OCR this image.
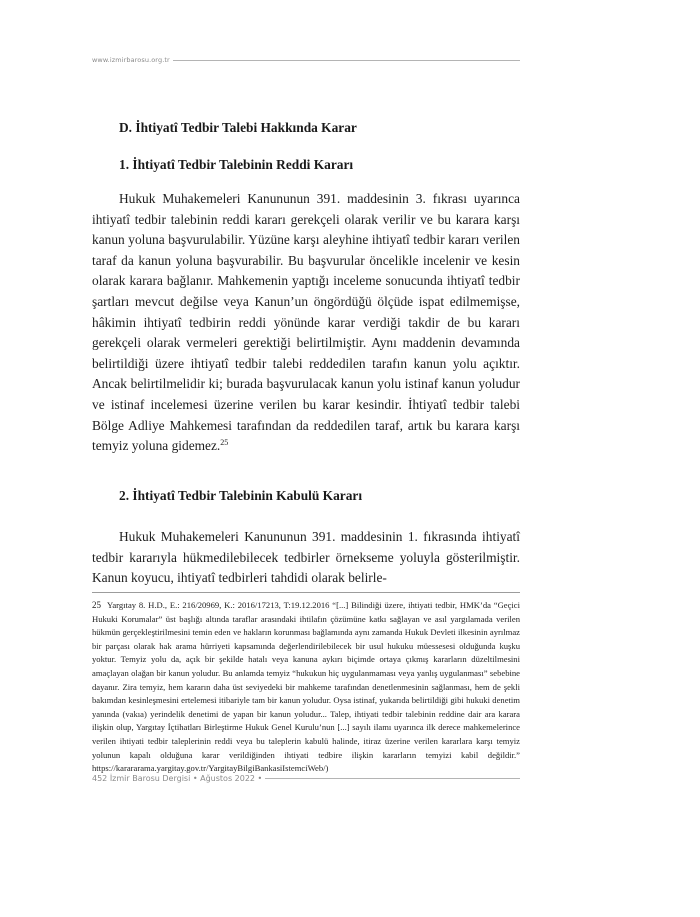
www.izmirbarosu.org.tr
D. İhtiyatî Tedbir Talebi Hakkında Karar
1. İhtiyatî Tedbir Talebinin Reddi Kararı

Hukuk Muhakemeleri Kanununun 391. maddesinin 3. fıkrası uyarınca ihtiyatî tedbir talebinin reddi kararı gerekçeli olarak verilir ve bu karara karşı kanun yoluna başvurulabilir. Yüzüne karşı aleyhine ihtiyatî tedbir kararı verilen taraf da kanun yoluna başvurabilir. Bu başvurular öncelikle incelenir ve kesin olarak karara bağlanır. Mahkemenin yaptığı inceleme sonucunda ihtiyatî tedbir şartları mevcut değilse veya Kanun’un öngördüğü ölçüde ispat edilmemişse, hâkimin ihtiyatî tedbirin reddi yönünde karar verdiği takdir de bu kararı gerekçeli olarak vermeleri gerektiği belirtilmiştir. Aynı maddenin devamında belirtildiği üzere ihtiyatî tedbir talebi reddedilen tarafın kanun yolu açıktır. Ancak belirtilmelidir ki; burada başvurulacak kanun yolu istinaf kanun yoludur ve istinaf incelemesi üzerine verilen bu karar kesindir. İhtiyatî tedbir talebi Bölge Adliye Mahkemesi tarafından da reddedilen taraf, artık bu karara karşı temyiz yoluna gidemez.$^{25}$

2. İhtiyatî Tedbir Talebinin Kabulü Kararı

Hukuk Muhakemeleri Kanununun 391. maddesinin 1. fıkrasında ihtiyatî tedbir kararıyla hükmedilebilecek tedbirler örnekseme yoluyla gösterilmiştir. Kanun koyucu, ihtiyatî tedbirleri tahdidi olarak belirle-

25 Yargıtay 8. H.D., E.: 216/20969, K.: 2016/17213, T:19.12.2016 “[...] Bilindiği üzere, ihtiyati tedbir, HMK’da “Geçici Hukuki Korumalar” üst başlığı altında taraflar arasındaki ihtilafın çözümüne katkı sağlayan ve asıl yargılamada verilen hükmün gerçekleştirilmesini temin eden ve hakların korunması bağlamında aynı zamanda Hukuk Devleti ilkesinin ayrılmaz bir parçası olarak hak arama hürriyeti kapsamında değerlendirilebilecek bir usul hukuku müessesesi olduğunda kuşku yoktur. Temyiz yolu da, açık bir şekilde hatalı veya kanuna aykırı biçimde ortaya çıkmış kararların düzeltilmesini amaçlayan olağan bir kanun yoludur. Bu anlamda temyiz “hukukun hiç uygulanmaması veya yanlış uygulanması” sebebine dayanır. Zira temyiz, hem kararın daha üst seviyedeki bir mahkeme tarafından denetlenmesinin sağlanması, hem de şekli bakımdan kesinleşmesini ertelemesi itibariyle tam bir kanun yoludur. Oysa istinaf, yukarıda belirtildiği gibi hukuki denetim yanında (vakıa) yerindelik denetimi de yapan bir kanun yoludur... Talep, ihtiyati tedbir talebinin reddine dair ara karara ilişkin olup, Yargıtay İçtihatları Birleştirme Hukuk Genel Kurulu’nun [...] sayılı ilamı uyarınca ilk derece mahkemelerince verilen ihtiyati tedbir taleplerinin reddi veya bu taleplerin kabulü halinde, itiraz üzerine verilen kararlara karşı temyiz yolunun kapalı olduğuna karar verildiğinden ihtiyati tedbire ilişkin kararların temyizi kabil değildir.” https://karararama.yargitay.gov.tr/YargitayBilgiBankasiIstemciWeb/)

452 İzmir Barosu Dergisi • Ağustos 2022 •
